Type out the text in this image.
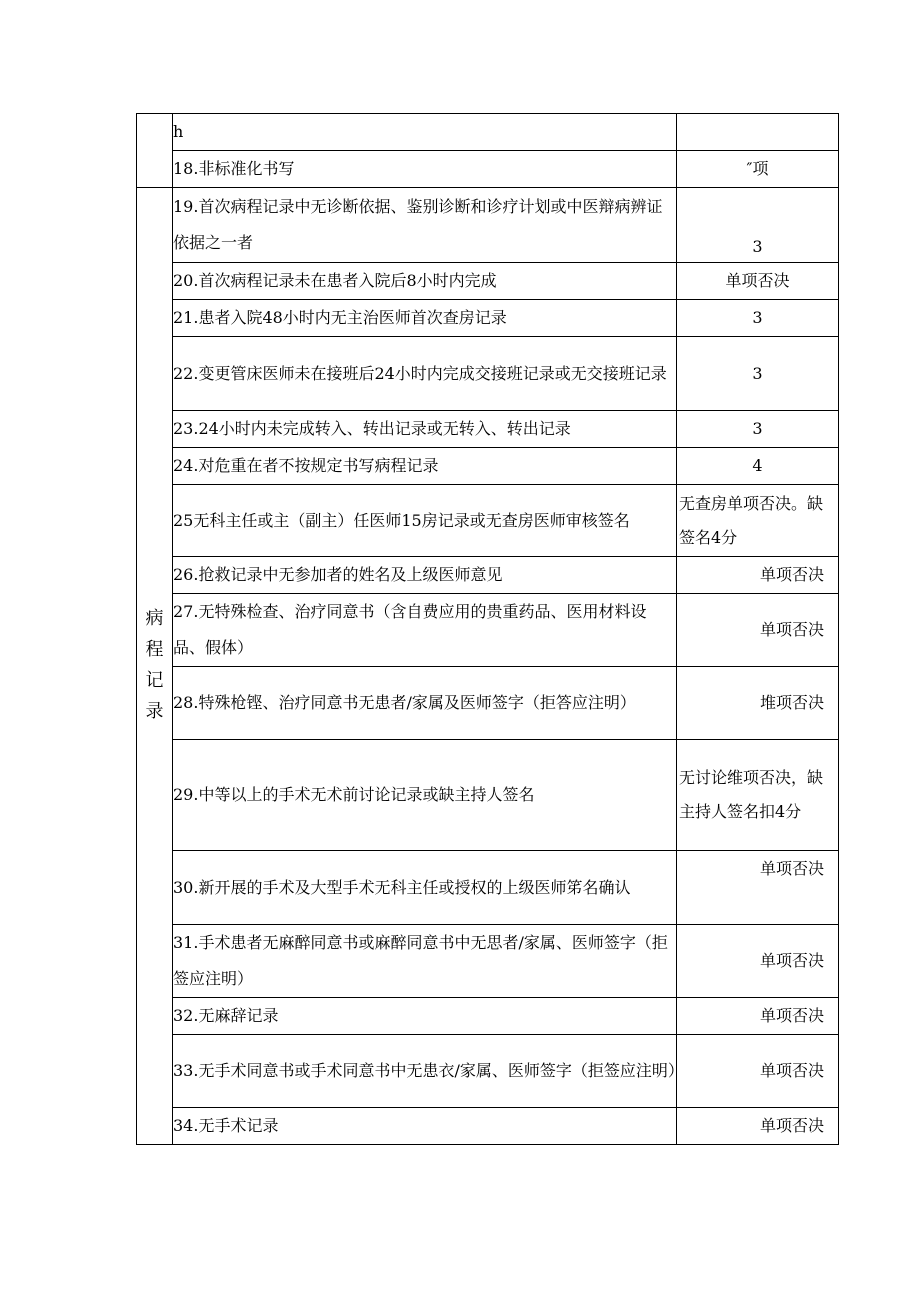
	h	
	18.非标准化书写	″项
病程记录	19.首次病程记录中无诊断依据、鉴别诊断和诊疗计划或中医辩病辨证依据之一者	3
	20.首次病程记录未在患者入院后8小时内完成	单项否决
	21.患者入院48小时内无主治医师首次查房记录	3
	22.变更管床医师未在接班后24小时内完成交接班记录或无交接班记录	3
	23.24小时内未完成转入、转出记录或无转入、转出记录	3
	24.对危重在者不按规定书写病程记录	4
	25无科主任或主（副主）任医师15房记录或无查房医师审核签名	无查房单项否决。缺签名4分
	26.抢救记录中无参加者的姓名及上级医师意见	单项否决
	27.无特殊检查、治疗同意书（含自费应用的贵重药品、医用材料设品、假体）	单项否决
	28.特殊枪铿、治疗同意书无患者/家属及医师签字（拒答应注明）	堆项否决
	29.中等以上的手术无术前讨论记录或缺主持人签名	无讨论维项否决，缺主持人签名扣4分
	30.新开展的手术及大型手术无科主任或授权的上级医师笫名确认	单项否决
	31.手术患者无麻醉同意书或麻醉同意书中无思者/家属、医师签字（拒签应注明）	单项否决
	32.无麻辞记录	单项否决
	33.无手术同意书或手术同意书中无患衣/家属、医师签字（拒签应注明）	单项否决
	34.无手术记录	单项否决
